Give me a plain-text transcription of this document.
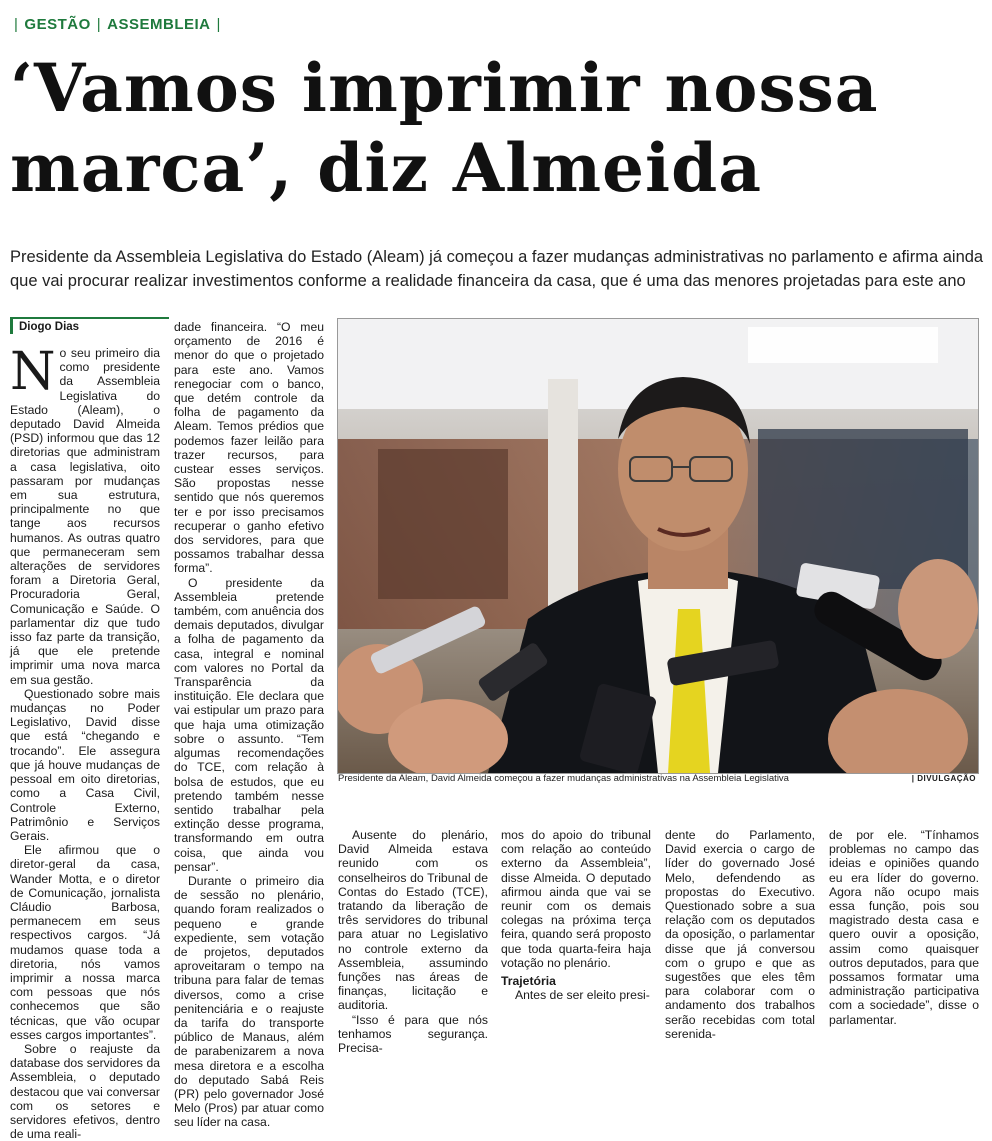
| GESTÃO | ASSEMBLEIA |
‘Vamos imprimir nossa
marca’, diz Almeida

Presidente da Assembleia Legislativa do Estado (Aleam) já começou a fazer mudanças administrativas no parlamento e afirma ainda que vai procurar realizar investimentos conforme a realidade financeira da casa, que é uma das menores projetadas para este ano

Diogo Dias

No seu primeiro dia como presidente da Assembleia Legislativa do Estado (Aleam), o deputado David Almeida (PSD) informou que das 12 diretorias que administram a casa legislativa, oito passaram por mudanças em sua estrutura, principalmente no que tange aos recursos humanos. As outras quatro que permaneceram sem alterações de servidores foram a Diretoria Geral, Procuradoria Geral, Comunicação e Saúde. O parlamentar diz que tudo isso faz parte da transição, já que ele pretende imprimir uma nova marca em sua gestão.

Questionado sobre mais mudanças no Poder Legislativo, David disse que está “chegando e trocando”. Ele assegura que já houve mudanças de pessoal em oito diretorias, como a Casa Civil, Controle Externo, Patrimônio e Serviços Gerais.

Ele afirmou que o diretor-geral da casa, Wander Motta, e o diretor de Comunicação, jornalista Cláudio Barbosa, permanecem em seus respectivos cargos. “Já mudamos quase toda a diretoria, nós vamos imprimir a nossa marca com pessoas que nós conhecemos que são técnicas, que vão ocupar esses cargos importantes”.

Sobre o reajuste da database dos servidores da Assembleia, o deputado destacou que vai conversar com os setores e servidores efetivos, dentro de uma reali-

dade financeira. “O meu orçamento de 2016 é menor do que o projetado para este ano. Vamos renegociar com o banco, que detém controle da folha de pagamento da Aleam. Temos prédios que podemos fazer leilão para trazer recursos, para custear esses serviços. São propostas nesse sentido que nós queremos ter e por isso precisamos recuperar o ganho efetivo dos servidores, para que possamos trabalhar dessa forma”.

O presidente da Assembleia pretende também, com anuência dos demais deputados, divulgar a folha de pagamento da casa, integral e nominal com valores no Portal da Transparência da instituição. Ele declara que vai estipular um prazo para que haja uma otimização sobre o assunto. “Tem algumas recomendações do TCE, com relação à bolsa de estudos, que eu pretendo também nesse sentido trabalhar pela extinção desse programa, transformando em outra coisa, que ainda vou pensar”.

Durante o primeiro dia de sessão no plenário, quando foram realizados o pequeno e grande expediente, sem votação de projetos, deputados aproveitaram o tempo na tribuna para falar de temas diversos, como a crise penitenciária e o reajuste da tarifa do transporte público de Manaus, além de parabenizarem a nova mesa diretora e a escolha do deputado Sabá Reis (PR) pelo governador José Melo (Pros) par atuar como seu líder na casa.

Presidente da Aleam, David Almeida começou a fazer mudanças administrativas na Assembleia Legislativa	| DIVULGAÇÃO

Ausente do plenário, David Almeida estava reunido com os conselheiros do Tribunal de Contas do Estado (TCE), tratando da liberação de três servidores do tribunal para atuar no Legislativo no controle externo da Assembleia, assumindo funções nas áreas de finanças, licitação e auditoria.

“Isso é para que nós tenhamos segurança. Precisa-

mos do apoio do tribunal com relação ao conteúdo externo da Assembleia”, disse Almeida. O deputado afirmou ainda que vai se reunir com os demais colegas na próxima terça feira, quando será proposto que toda quarta-feira haja votação no plenário.

Trajetória

Antes de ser eleito presi-

dente do Parlamento, David exercia o cargo de líder do governado José Melo, defendendo as propostas do Executivo. Questionado sobre a sua relação com os deputados da oposição, o parlamentar disse que já conversou com o grupo e que as sugestões que eles têm para colaborar com o andamento dos trabalhos serão recebidas com total serenida-

de por ele. “Tínhamos problemas no campo das ideias e opiniões quando eu era líder do governo. Agora não ocupo mais essa função, pois sou magistrado desta casa e quero ouvir a oposição, assim como quaisquer outros deputados, para que possamos formatar uma administração participativa com a sociedade”, disse o parlamentar.
